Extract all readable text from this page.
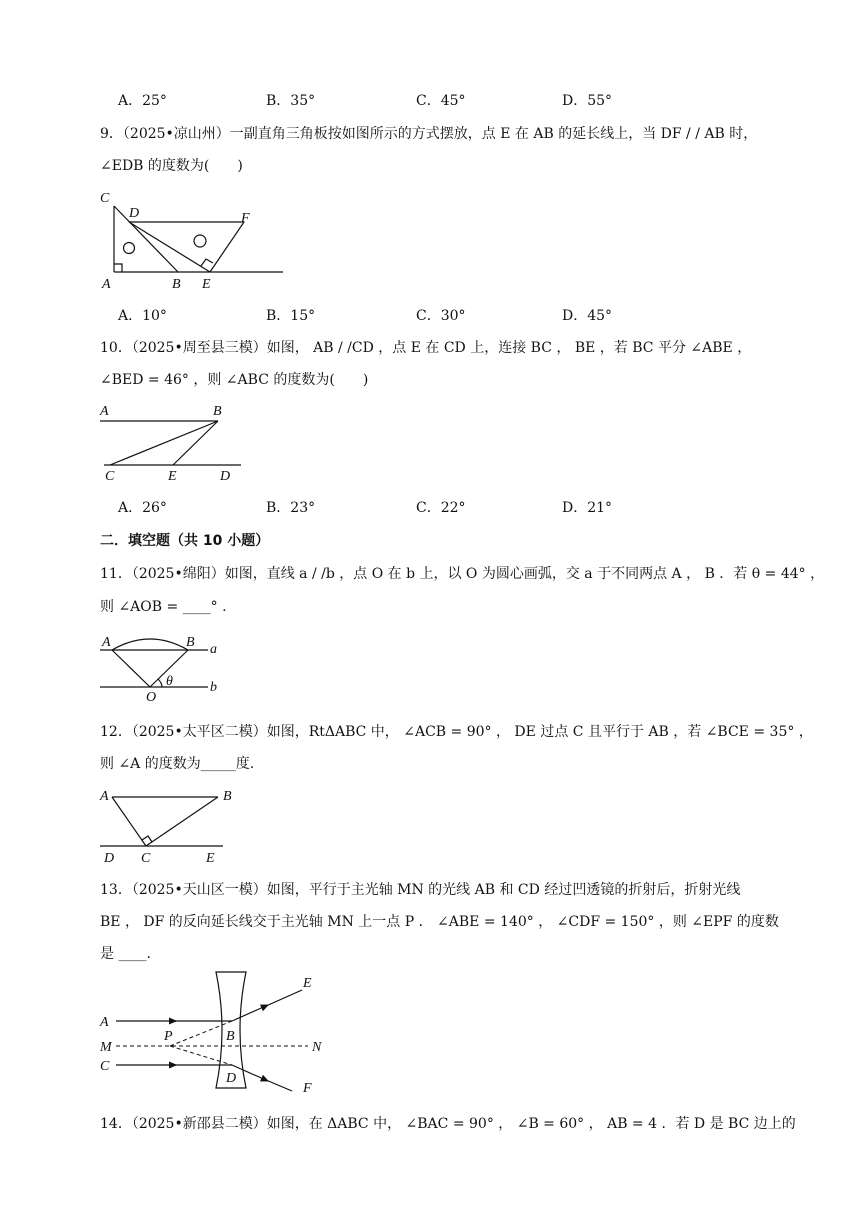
A．25°	B．35°	C．45°	D．55°
9．（2025•凉山州）一副直角三角板按如图所示的方式摆放，点 E 在 AB 的延长线上，当 DF / / AB 时，
∠EDB 的度数为(　　)
C
D	F
A	B E
A．10°	B．15°	C．30°	D．45°
10．（2025•周至县三模）如图， AB / /CD ，点 E 在 CD 上，连接 BC ， BE ，若 BC 平分 ∠ABE ，
∠BED = 46° ，则 ∠ABC 的度数为(　　)
A	B
C	E	D
A．26°	B．23°	C．22°	D．21°
二．填空题（共 10 小题）
11．（2025•绵阳）如图，直线 a / /b ，点 O 在 b 上，以 O 为圆心画弧，交 a 于不同两点 A ， B ．若 θ = 44° ，
则 ∠AOB = ____° .
A	B a
O
θ	b
12．（2025•太平区二模）如图，RtΔABC 中， ∠ACB = 90° ， DE 过点 C 且平行于 AB ，若 ∠BCE = 35° ，
则 ∠A 的度数为_____度.
A	B
D C	E
13．（2025•天山区一模）如图，平行于主光轴 MN 的光线 AB 和 CD 经过凹透镜的折射后，折射光线
BE ， DF 的反向延长线交于主光轴 MN 上一点 P ． ∠ABE = 140° ， ∠CDF = 150° ，则 ∠EPF 的度数
是 ____.
E
A
B
M
P
N
C
D
F
14．（2025•新邵县二模）如图，在 ΔABC 中， ∠BAC = 90° ， ∠B = 60° ， AB = 4 ．若 D 是 BC 边上的
